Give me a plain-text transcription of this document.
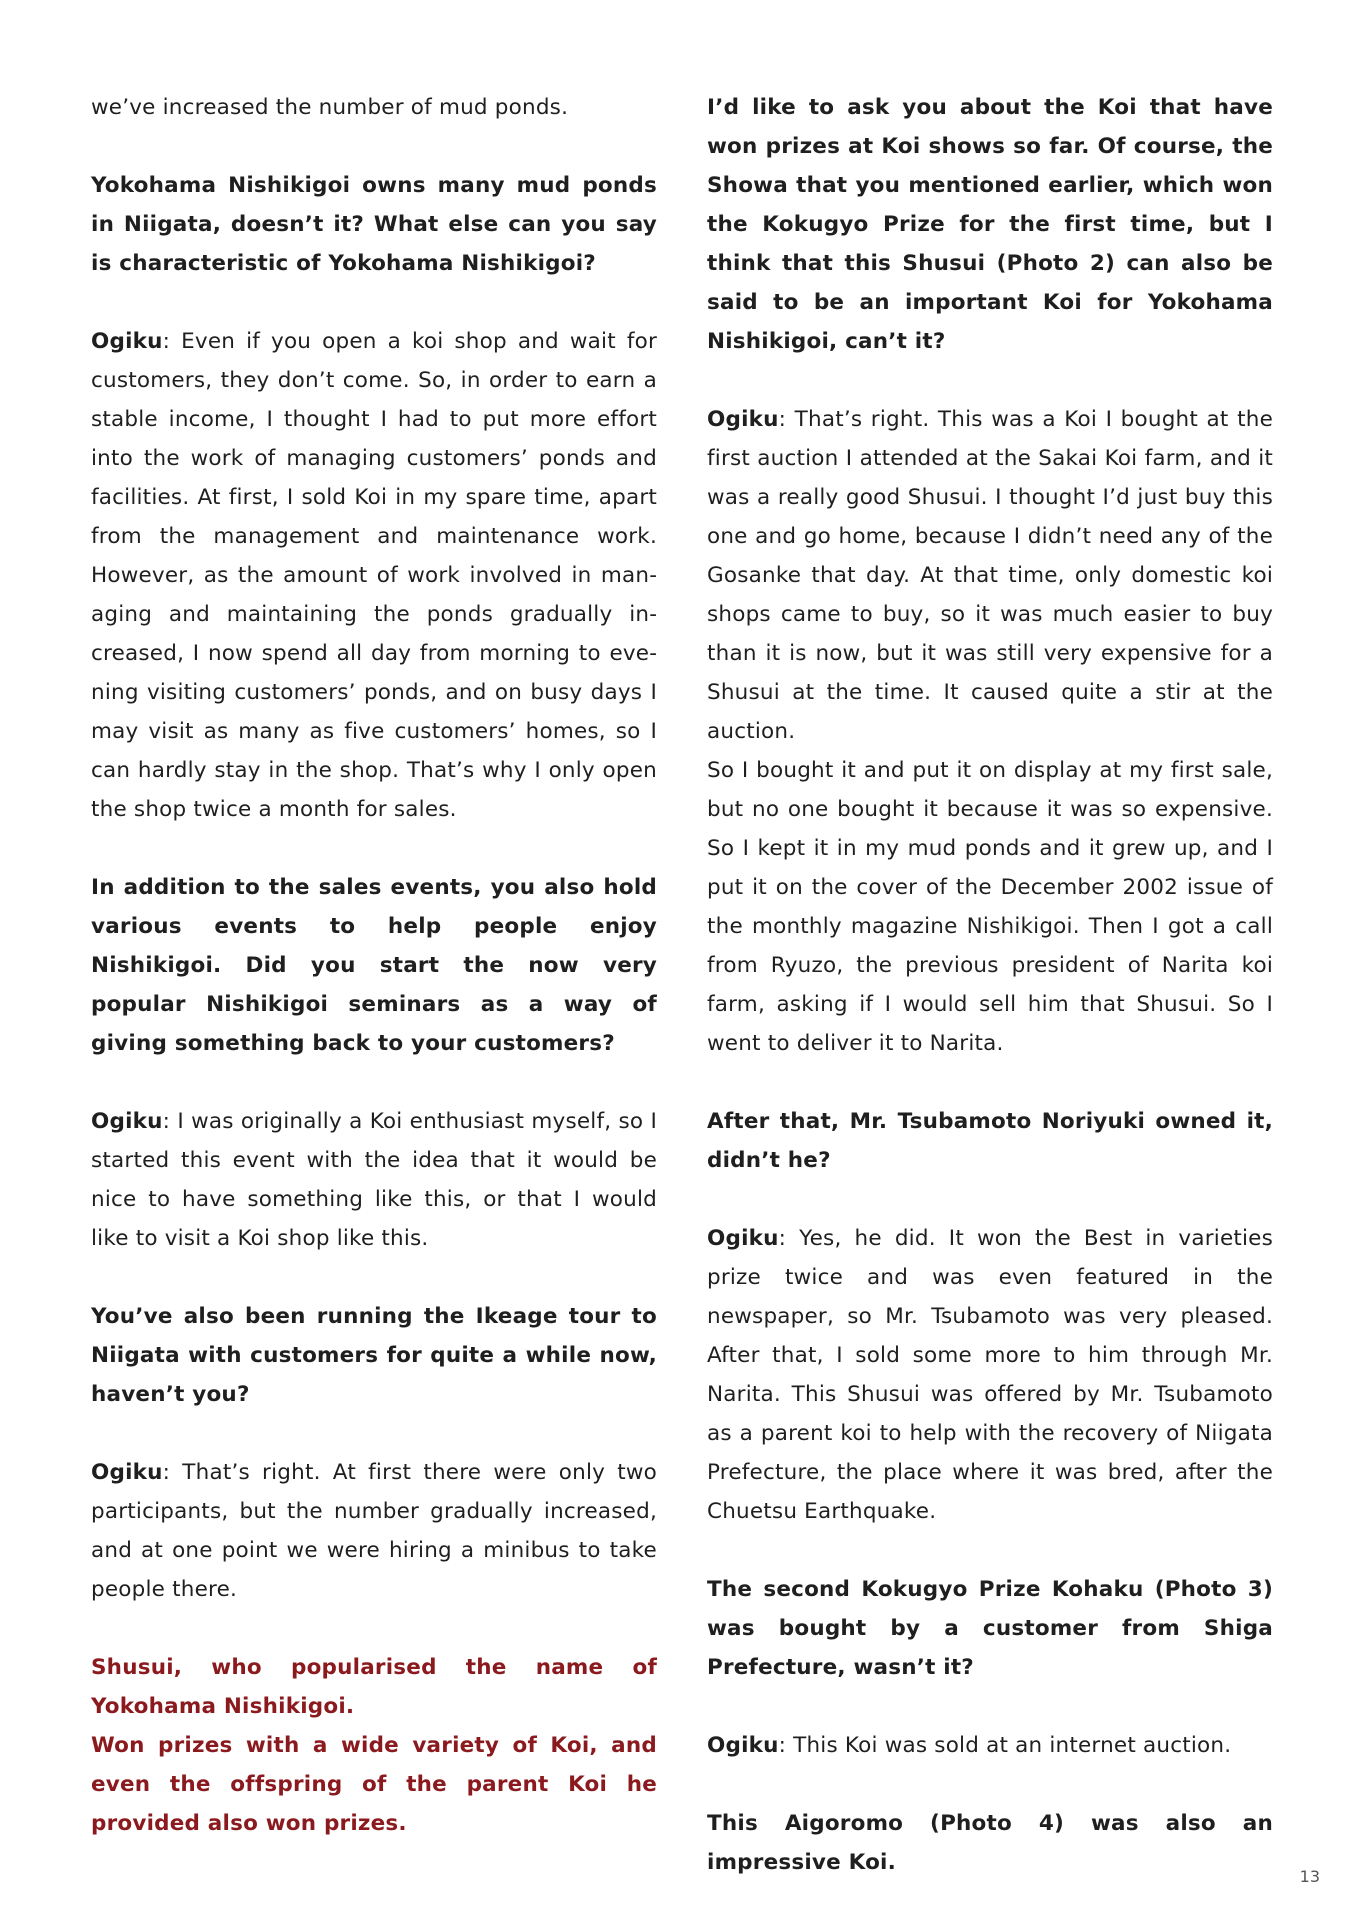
we’ve increased the number of mud ponds.

Yokohama Nishikigoi owns many mud ponds in Niigata, doesn’t it? What else can you say is characteristic of Yokohama Nishikigoi?

Ogiku: Even if you open a koi shop and wait for customers, they don’t come. So, in order to earn a stable income, I thought I had to put more effort into the work of managing customers’ ponds and facilities. At first, I sold Koi in my spare time, apart from the management and maintenance work. However, as the amount of work involved in managing and maintaining the ponds gradually increased, I now spend all day from morning to evening visiting customers’ ponds, and on busy days I may visit as many as five customers’ homes, so I can hardly stay in the shop. That’s why I only open the shop twice a month for sales.

In addition to the sales events, you also hold various events to help people enjoy Nishikigoi. Did you start the now very popular Nishikigoi seminars as a way of giving something back to your customers?

Ogiku: I was originally a Koi enthusiast myself, so I started this event with the idea that it would be nice to have something like this, or that I would like to visit a Koi shop like this.

You’ve also been running the Ikeage tour to Niigata with customers for quite a while now, haven’t you?

Ogiku: That’s right. At first there were only two participants, but the number gradually increased, and at one point we were hiring a minibus to take people there.

Shusui, who popularised the name of Yokohama Nishikigoi.

Won prizes with a wide variety of Koi, and even the offspring of the parent Koi he provided also won prizes.

I’d like to ask you about the Koi that have won prizes at Koi shows so far. Of course, the Showa that you mentioned earlier, which won the Kokugyo Prize for the first time, but I think that this Shusui (Photo 2) can also be said to be an important Koi for Yokohama Nishikigoi, can’t it?

Ogiku: That’s right. This was a Koi I bought at the first auction I attended at the Sakai Koi farm, and it was a really good Shusui. I thought I’d just buy this one and go home, because I didn’t need any of the Gosanke that day. At that time, only domestic koi shops came to buy, so it was much easier to buy than it is now, but it was still very expensive for a Shusui at the time. It caused quite a stir at the auction.

So I bought it and put it on display at my first sale, but no one bought it because it was so expensive. So I kept it in my mud ponds and it grew up, and I put it on the cover of the December 2002 issue of the monthly magazine Nishikigoi. Then I got a call from Ryuzo, the previous president of Narita koi farm, asking if I would sell him that Shusui. So I went to deliver it to Narita.

After that, Mr. Tsubamoto Noriyuki owned it, didn’t he?

Ogiku: Yes, he did. It won the Best in varieties prize twice and was even featured in the newspaper, so Mr. Tsubamoto was very pleased. After that, I sold some more to him through Mr. Narita. This Shusui was offered by Mr. Tsubamoto as a parent koi to help with the recovery of Niigata Prefecture, the place where it was bred, after the Chuetsu Earthquake.

The second Kokugyo Prize Kohaku (Photo 3) was bought by a customer from Shiga Prefecture, wasn’t it?

Ogiku: This Koi was sold at an internet auction.

This Aigoromo (Photo 4) was also an impressive Koi.

13
